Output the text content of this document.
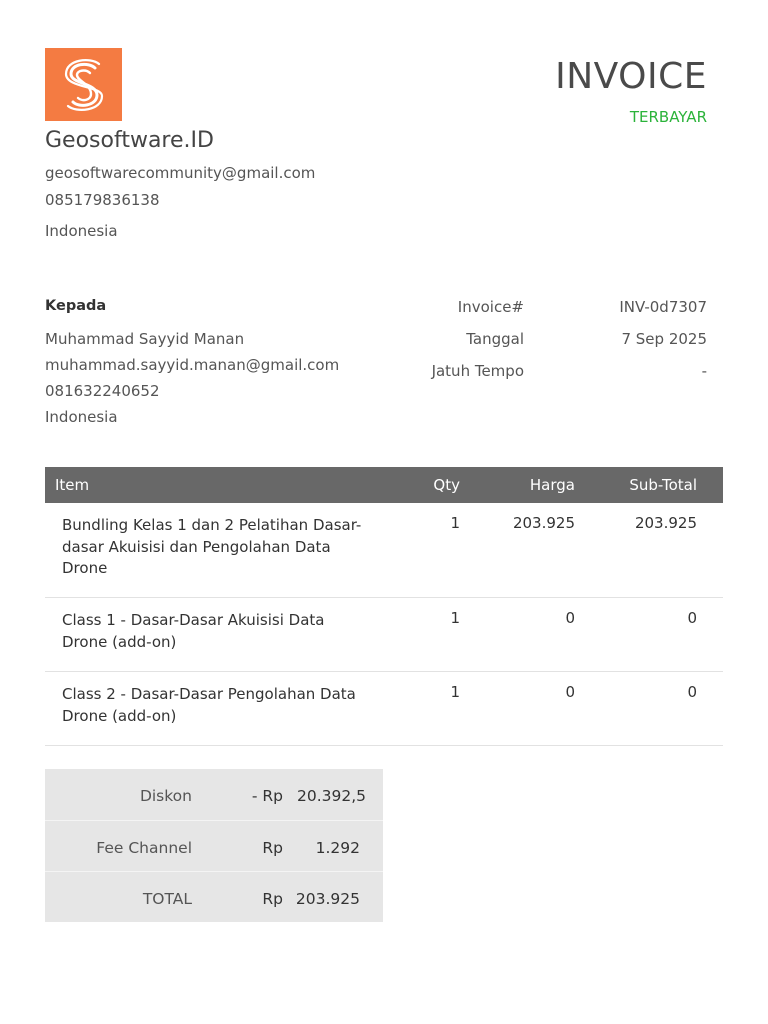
Geosoftware.ID
geosoftwarecommunity@gmail.com
085179836138
Indonesia
INVOICE
TERBAYAR
Kepada
Muhammad Sayyid Manan
muhammad.sayyid.manan@gmail.com
081632240652
Indonesia
Invoice#	INV-0d7307
Tanggal	7 Sep 2025
Jatuh Tempo	-
Item	Qty	Harga	Sub-Total
Bundling Kelas 1 dan 2 Pelatihan Dasar-dasar Akuisisi dan Pengolahan Data Drone
1	203.925	203.925
Class 1 - Dasar-Dasar Akuisisi Data Drone (add-on)
1	0	0
Class 2 - Dasar-Dasar Pengolahan Data Drone (add-on)
1	0	0
Diskon	- Rp 20.392,5
Fee Channel	Rp 1.292
TOTAL	Rp 203.925
